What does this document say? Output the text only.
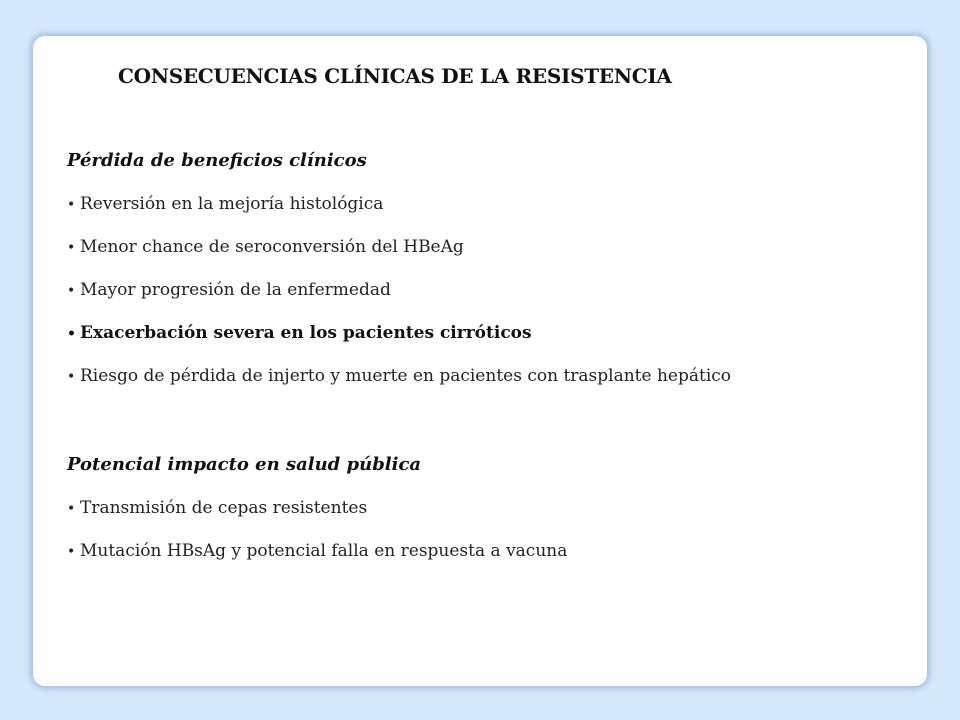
CONSECUENCIAS CLÍNICAS DE LA RESISTENCIA
Pérdida de beneficios clínicos
• Reversión en la mejoría histológica
• Menor chance de seroconversión del HBeAg
• Mayor progresión de la enfermedad
• Exacerbación severa en los pacientes cirróticos
• Riesgo de pérdida de injerto y muerte en pacientes con trasplante hepático
Potencial impacto en salud pública
• Transmisión de cepas resistentes
• Mutación HBsAg y potencial falla en respuesta a vacuna
